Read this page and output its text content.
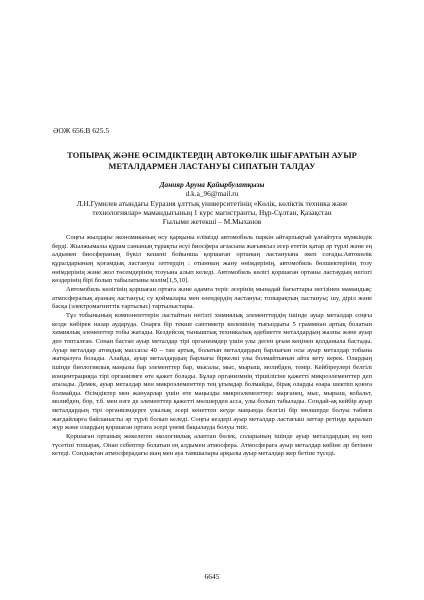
ӘОЖ 656.В 625.5
ТОПЫРАҚ ЖӘНЕ ӨСІМДІКТЕРДІҢ АВТОКӨЛІК ШЫҒАРАТЫН АУЫР
МЕТАЛДАРМЕН ЛАСТАНУЫ СИПАТЫН ТАЛДАУ
Данияр Аруна Қайырбулатқызы
d.k.a_96@mail.ru
Л.Н.Гумилев атындағы Еуразия ұлттық университетінің «Көлік, көліктік техника және
технологиялар» мамандығының 1 курс магистранты, Нұр-Сұлтан, Қазақстан
Ғылыми жетекші – М.Мыханов

Соңғы жылдары экономиканың өсу қарқыны елімізді автомобиль паркін айтарлықтай ұлғайтуға мүмкіндік берді. Жылжымалы құрам санының тұрақты өсуі биосфера ағзасына жағымсыз әсер ететін қатар әр түрлі және ең алдымен биосфераның бүкіл кешені бойынша қоршаған ортаның ластануына әкеп соғады.Автокөлік құралдарының қоғамдық ластануы зәттердің : отынның жану өнімдерінің, автомобиль бөлшектерінің тозу өнімдерінің және жол төсемдерінің тозуына алып келеді. Автомобиль көлігі қоршаған ортаны ластаудың негізгі көздерінің бірі болып табылатыны мәлім[1,5,10].

Автомобиль көлігінің қоршаған ортаға және адамға теріс әсерінің мынадай бағыттары негізінен мамандық: атмосфералық ауаның ластануы; су қоймалары мен өзендердің ластануы; топырақтың ластануы; шу, діріл және басқа (электромагниттік тартылыс) тартылыстары.

Тұз тобынының компоненттерін ластайтын негізгі химиялық элементтердің ішінде ауыр металдар соңғы кезде көбірек назар аударуда. Оларға бір текше сантиметр көлемінің тығыздығы 5 граммнан артық болатын химиялық элементтер тобы жатады. Кездейсоқ тыныштық техникалық әдебиетте металдардың жалпы және ауыр деп топталған. Сонан бастап ауыр металдар тірі организмдер үшін улы деген ұғым кеңінен қолданыла бастады. Ауыр металдар атомдық массасы 40 – тан артық, болатын металдардың барлығын осы ауыр металдар тобына жатқызуға болады. Алайда, ауыр металдардың барлығы біркелкі улы болмайтынын айта кету керек. Олардың ішінде биологиялық маңызы бар элементтер бар, мысалы, мыс, мырыш, молибден, темір. Кейбіреулері белгілі концентрацияда тірі организмге өте қажет болады. Бұлар организмнің тіршілігіне қажетті микроэлементтер деп аталады. Демек, ауыр металдар мен микроэлементтер тең ұғымдар болмайды, бірақ оларды өзара шектеп қоюға болмайды. Өсімдіктер мен жануарлар үшін өте маңызды микроэлементтер: марганец, мыс, мырыш, кобальт, молибден, бор, т.б. мен өзге де элементтер қажетті мөлшерден асса, улы болып табылады. Сондай-ақ кейбір ауыр металдардың тірі организмдерге улылық әсері кенеттен кеуде маңында белгілі бір мөлшерде болуы табиғи жағдайларға байланысты әр түрлі болып келеді. Соңғы кездері ауыр металдар ластағыш заттар ретінде қаралып жүр және олардың қоршаған ортаға әсері үнемі бақылауда болуы тиіс.

Қоршаған ортаның жекелеген экологиялық алаптан бөлек, соларының ішінде ауыр металдардың ең көп түсетіні топырақ. Онан себептер болатын ең алдымен атмосфера. Атмосфераға ауыр металдар көбіне әр бетінен кетеді. Сондықтан атмосферадағы шаң мен ауа тамшылары арқылы ауыр металдар жер бетіне түседі.

6645
